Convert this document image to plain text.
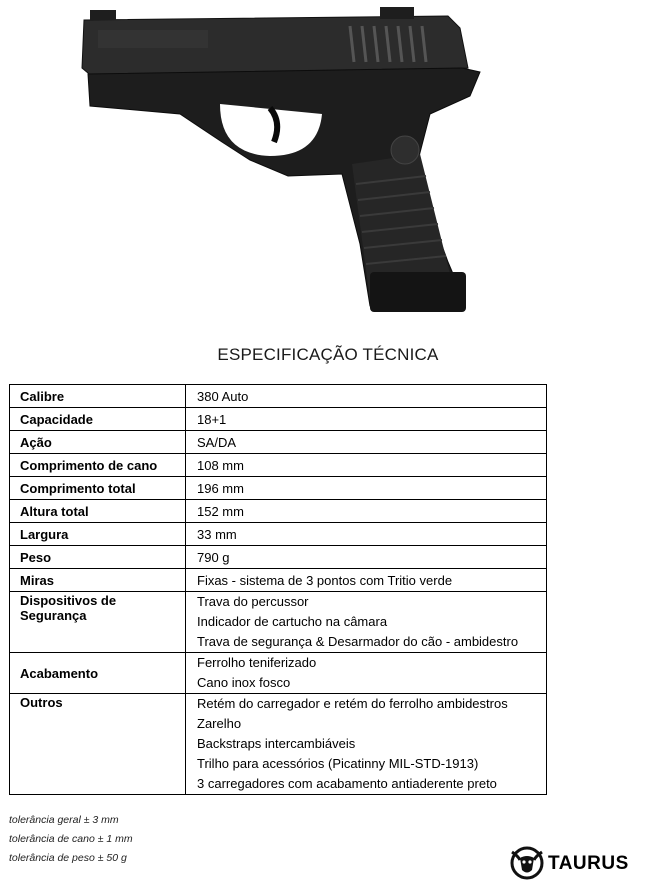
ESPECIFICAÇÃO TÉCNICA
Calibre	380 Auto
Capacidade	18+1
Ação	SA/DA
Comprimento de cano	108 mm
Comprimento total	196 mm
Altura total	152 mm
Largura	33 mm
Peso	790 g
Miras	Fixas - sistema de 3 pontos com Tritio verde
Dispositivos de Segurança	Trava do percussor
Indicador de cartucho na câmara
Trava de segurança & Desarmador do cão - ambidestro

Acabamento	Ferrolho teniferizado
Cano inox fosco

Outros	Retém do carregador e retém do ferrolho ambidestros
Zarelho
Backstraps intercambiáveis
Trilho para acessórios (Picatinny MIL-STD-1913)
3 carregadores com acabamento antiaderente preto
tolerância geral ± 3 mm
tolerância de cano ± 1 mm
tolerância de peso ± 50 g	TAURUS
